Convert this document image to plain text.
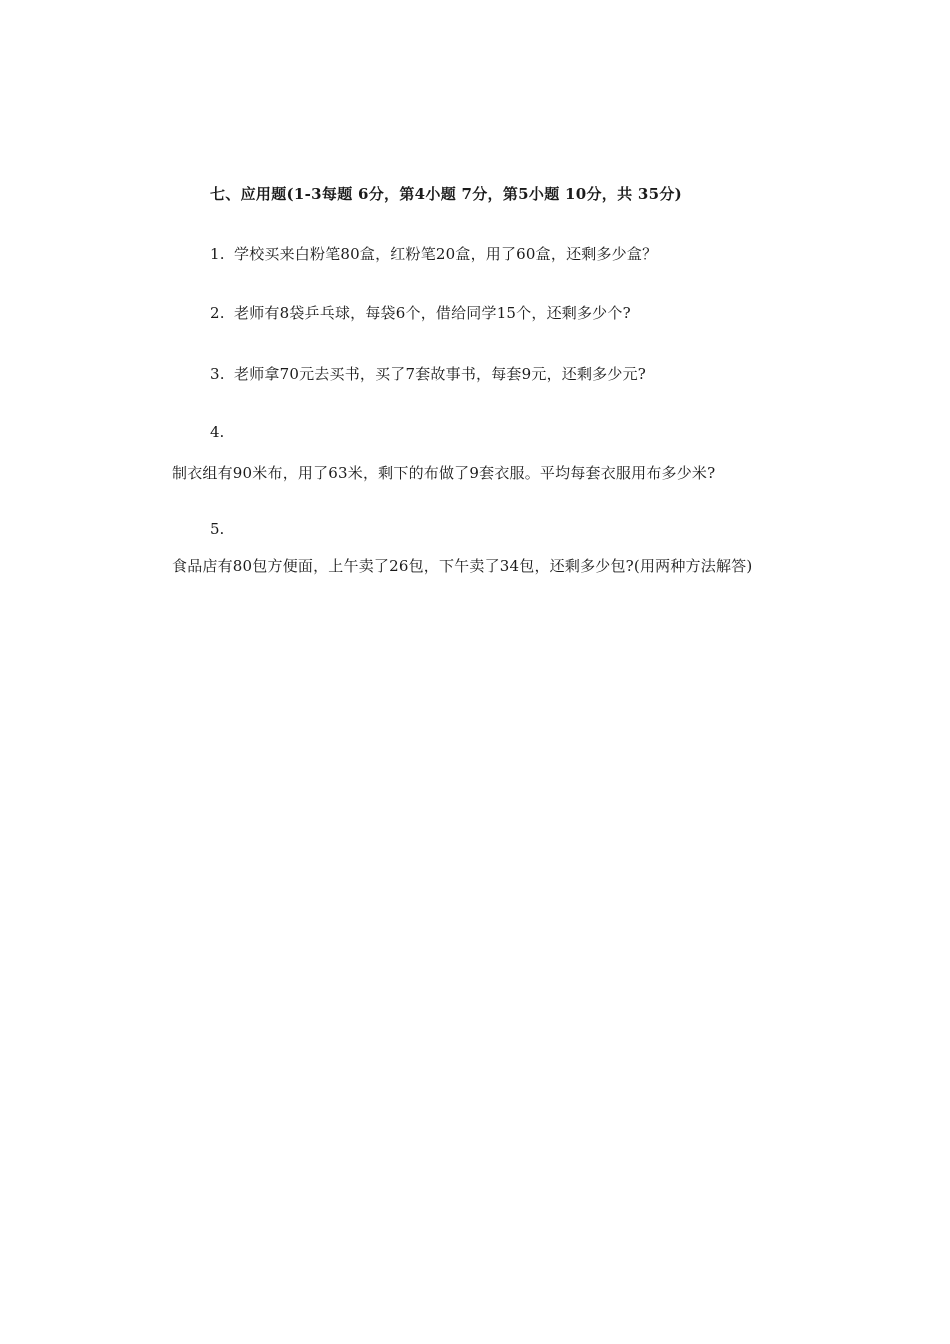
七、应用题(1-3每题 6分，第4小题 7分，第5小题 10分，共 35分)
1. 学校买来白粉笔80盒，红粉笔20盒，用了60盒，还剩多少盒？
2. 老师有8袋乒乓球，每袋6个，借给同学15个，还剩多少个?
3. 老师拿70元去买书，买了7套故事书，每套9元，还剩多少元?
4.
制衣组有90米布，用了63米，剩下的布做了9套衣服。平均每套衣服用布多少米?
5.
食品店有80包方便面，上午卖了26包，下午卖了34包，还剩多少包?(用两种方法解答)
